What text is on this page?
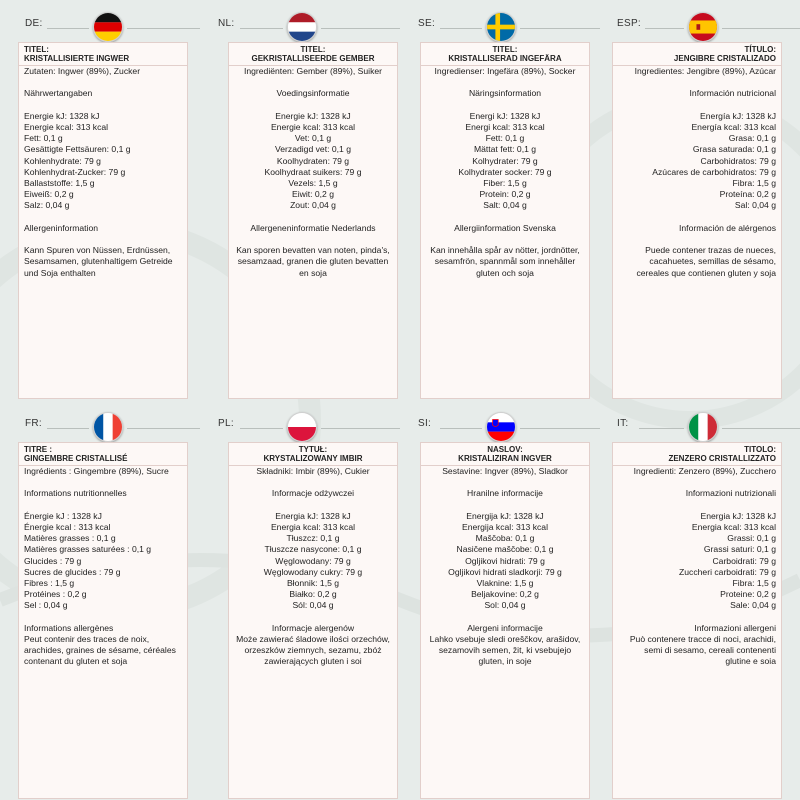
DE:
TITEL:
KRISTALLISIERTE INGWER
Zutaten: Ingwer (89%), Zucker
Nährwertangaben
Energie kJ: 1328 kJ
Energie kcal: 313 kcal
Fett: 0,1 g
Gesättigte Fettsäuren: 0,1 g
Kohlenhydrate: 79 g
Kohlenhydrat-Zucker: 79 g
Ballaststoffe: 1,5 g
Eiweiß: 0,2 g
Salz: 0,04 g
Allergeninformation
Kann Spuren von Nüssen, Erdnüssen, Sesamsamen, glutenhaltigem Getreide und Soja enthalten
NL:
TITEL:
GEKRISTALLISEERDE GEMBER
Ingrediënten: Gember (89%), Suiker
Voedingsinformatie
Energie kJ: 1328 kJ
Energie kcal: 313 kcal
Vet: 0,1 g
Verzadigd vet: 0,1 g
Koolhydraten: 79 g
Koolhydraat suikers: 79 g
Vezels: 1,5 g
Eiwit: 0,2 g
Zout: 0,04 g
Allergeneninformatie Nederlands
Kan sporen bevatten van noten, pinda's, sesamzaad, granen die gluten bevatten en soja
SE:
TITEL:
KRISTALLISERAD INGEFÄRA
Ingredienser: Ingefära (89%), Socker
Näringsinformation
Energi kJ: 1328 kJ
Energi kcal: 313 kcal
Fett: 0,1 g
Mättat fett: 0,1 g
Kolhydrater: 79 g
Kolhydrater socker: 79 g
Fiber: 1,5 g
Protein: 0,2 g
Salt: 0,04 g
Allergiinformation Svenska
Kan innehålla spår av nötter, jordnötter, sesamfrön, spannmål som innehåller gluten och soja
ESP:
TÍTULO:
JENGIBRE CRISTALIZADO
Ingredientes: Jengibre (89%), Azúcar
Información nutricional
Energía kJ: 1328 kJ
Energía kcal: 313 kcal
Grasa: 0,1 g
Grasa saturada: 0,1 g
Carbohidratos: 79 g
Azúcares de carbohidratos: 79 g
Fibra: 1,5 g
Proteína: 0,2 g
Sal: 0,04 g
Información de alérgenos
Puede contener trazas de nueces, cacahuetes, semillas de sésamo, cereales que contienen gluten y soja
FR:
TITRE :
GINGEMBRE CRISTALLISÉ
Ingrédients : Gingembre (89%), Sucre
Informations nutritionnelles
Énergie kJ : 1328 kJ
Énergie kcal : 313 kcal
Matières grasses : 0,1 g
Matières grasses saturées : 0,1 g
Glucides : 79 g
Sucres de glucides : 79 g
Fibres : 1,5 g
Protéines : 0,2 g
Sel : 0,04 g
Informations allergènes
Peut contenir des traces de noix, arachides, graines de sésame, céréales contenant du gluten et soja
PL:
TYTUŁ:
KRYSTALIZOWANY IMBIR
Składniki: Imbir (89%), Cukier
Informacje odżywczei
Energia kJ: 1328 kJ
Energia kcal: 313 kcal
Tłuszcz: 0,1 g
Tłuszcze nasycone: 0,1 g
Węglowodany: 79 g
Węglowodany cukry: 79 g
Błonnik: 1,5 g
Białko: 0,2 g
Sól: 0,04 g
Informacje alergenów
Może zawierać śladowe ilości orzechów, orzeszków ziemnych, sezamu, zbóż zawierających gluten i soi
SI:
NASLOV:
KRISTALIZIRAN INGVER
Sestavine: Ingver (89%), Sladkor
Hranilne informacije
Energija kJ: 1328 kJ
Energija kcal: 313 kcal
Maščoba: 0,1 g
Nasičene maščobe: 0,1 g
Ogljikovi hidrati: 79 g
Ogljikovi hidrati sladkorji: 79 g
Vlaknine: 1,5 g
Beljakovine: 0,2 g
Sol: 0,04 g
Alergeni informacije
Lahko vsebuje sledi oreščkov, arašidov, sezamovih semen, žit, ki vsebujejo gluten, in soje
IT:
TITOLO:
ZENZERO CRISTALLIZZATO
Ingredienti: Zenzero (89%), Zucchero
Informazioni nutrizionali
Energia kJ: 1328 kJ
Energia kcal: 313 kcal
Grassi: 0,1 g
Grassi saturi: 0,1 g
Carboidrati: 79 g
Zuccheri carboidrati: 79 g
Fibra: 1,5 g
Proteine: 0,2 g
Sale: 0,04 g
Informazioni allergeni
Può contenere tracce di noci, arachidi, semi di sesamo, cereali contenenti glutine e soia
